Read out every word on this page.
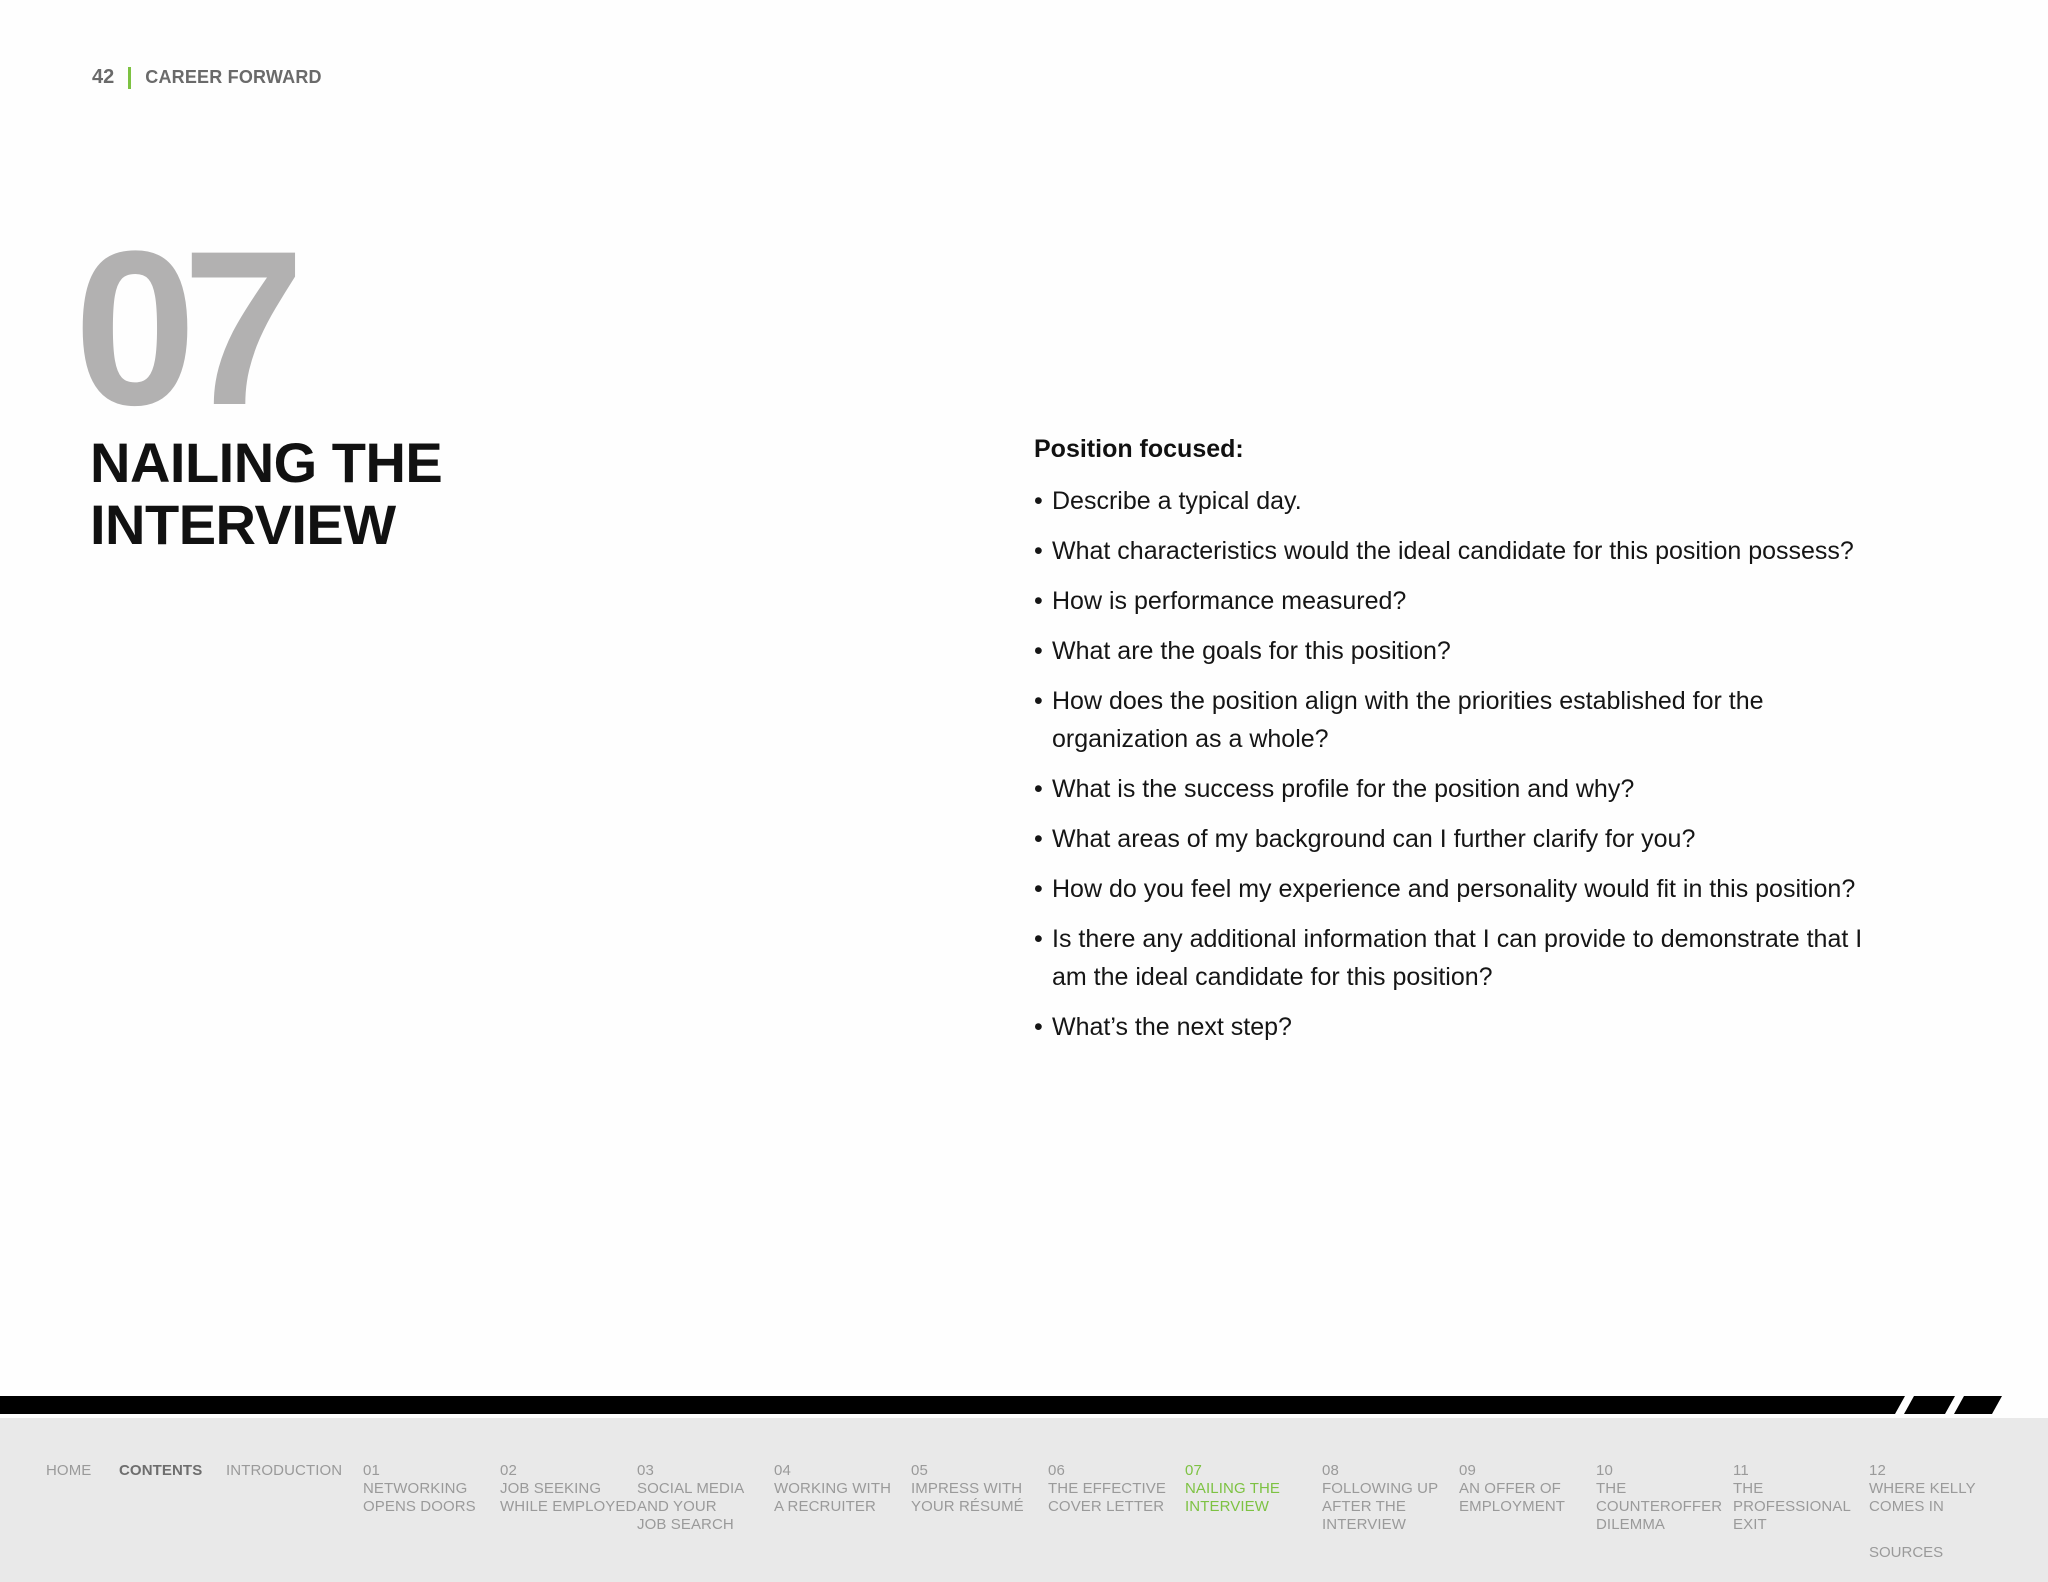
42 CAREER FORWARD
07
NAILING THE
INTERVIEW
Position focused:
• Describe a typical day.
• What characteristics would the ideal candidate for this position possess?
• How is performance measured?
• What are the goals for this position?
• How does the position align with the priorities established for the organization as a whole?
• What is the success profile for the position and why?
• What areas of my background can I further clarify for you?
• How do you feel my experience and personality would fit in this position?
• Is there any additional information that I can provide to demonstrate that I am the ideal candidate for this position?
• What’s the next step?
HOME CONTENTS INTRODUCTION 01
NETWORKING
OPENS DOORS
02
JOB SEEKING
WHILE EMPLOYED
03
SOCIAL MEDIA
AND YOUR
JOB SEARCH
04
WORKING WITH
A RECRUITER
05
IMPRESS WITH
YOUR RÉSUMÉ
06
THE EFFECTIVE
COVER LETTER
07
NAILING THE
INTERVIEW
08
FOLLOWING UP
AFTER THE
INTERVIEW
09
AN OFFER OF
EMPLOYMENT
10
THE
COUNTEROFFER
DILEMMA
11
THE
PROFESSIONAL
EXIT
12
WHERE KELLY
COMES IN
SOURCES
